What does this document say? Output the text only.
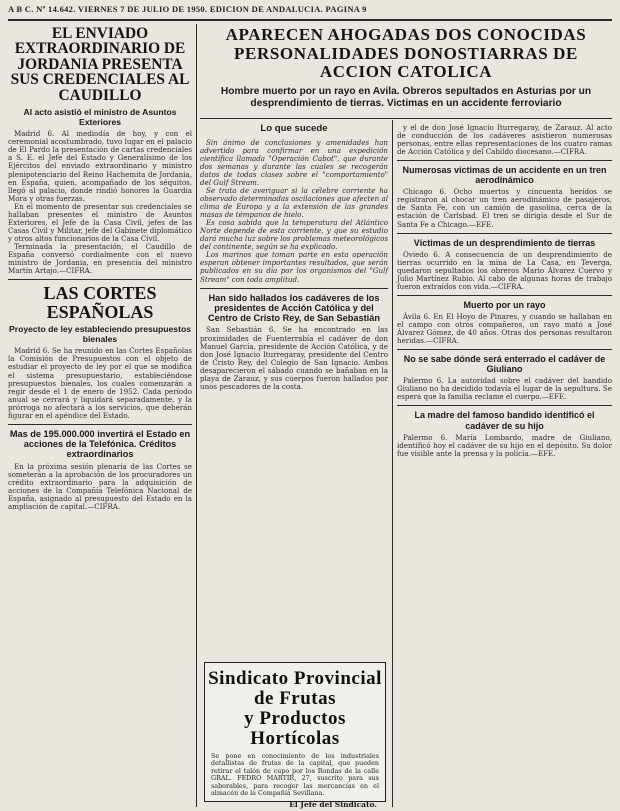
A B C. Nº 14.642. VIERNES 7 DE JULIO DE 1950. EDICION DE ANDALUCIA. PAGINA 9
EL ENVIADO EXTRAORDINARIO DE JORDANIA PRESENTA SUS CREDENCIALES AL CAUDILLO

Al acto asistió el ministro de Asuntos Exteriores

Madrid 6. Al mediodía de hoy, y con el ceremonial acostumbrado, tuvo lugar en el palacio de El Pardo la presentación de cartas credenciales a S. E. el Jefe del Estado y Generalísimo de los Ejércitos del enviado extraordinario y ministro plenipotenciario del Reino Hachemita de Jordania, en España, quien, acompañado de los séquitos, llegó al palacio, donde rindió honores la Guardia Mora y otras fuerzas.

En el momento de presentar sus credenciales se hallaban presentes el ministro de Asuntos Exteriores, el Jefe de la Casa Civil, jefes de las Casas Civil y Militar, jefe del Gabinete diplomático y otros altos funcionarios de la Casa Civil.

Terminada la presentación, el Caudillo de España conversó cordialmente con el nuevo ministro de Jordania, en presencia del ministro Martín Artajo.—CIFRA.

LAS CORTES ESPAÑOLAS

Proyecto de ley estableciendo presupuestos bienales

Madrid 6. Se ha reunido en las Cortes Españolas la Comisión de Presupuestos con el objeto de estudiar el proyecto de ley por el que se modifica el sistema presupuestario, estableciéndose presupuestos bienales, los cuales comenzarán a regir desde el 1 de enero de 1952. Cada período anual se cerrará y liquidará separadamente, y la prórroga no afectará a los servicios, que deberán figurar en el apéndice del Estado.

Mas de 195.000.000 invertirá el Estado en acciones de la Telefónica. Créditos extraordinarios

En la próxima sesión plenaria de las Cortes se someterán a la aprobación de los procuradores un crédito extraordinario para la adquisición de acciones de la Compañía Telefónica Nacional de España, asignado al presupuesto del Estado en la ampliación de capital.—CIFRA.

APARECEN AHOGADAS DOS CONOCIDAS PERSONALIDADES DONOSTIARRAS DE ACCION CATOLICA

Hombre muerto por un rayo en Avila. Obreros sepultados en Asturias por un desprendimiento de tierras. Victimas en un accidente ferroviario

Lo que sucede

Sin ánimo de conclusiones y amenidades han advertido para confirmar en una expedición científica llamada "Operación Cabot", que durante dos semanas y durante las cuales se recogerán datos de todas clases sobre el "comportamiento" del Gulf Stream.

Se trata de averiguar si la célebre corriente ha observado determinadas oscilaciones que afecten al clima de Europa y a la extensión de las grandes masas de témpanos de hielo.

Es cosa sabida que la temperatura del Atlántico Norte depende de esta corriente, y que su estudio dará mucha luz sobre los problemas meteorológicos del continente, según se ha explicado.

Los marinos que toman parte en esta operación esperan obtener importantes resultados, que serán publicados en su día por los organismos del "Gulf Stream" con toda amplitud.

Han sido hallados los cadáveres de los presidentes de Acción Católica y del Centro de Cristo Rey, de San Sebastián

San Sebastián 6. Se ha encontrado en las proximidades de Fuenterrabía el cadáver de don Manuel García, presidente de Acción Católica, y de don José Ignacio Iturregaray, presidente del Centro de Cristo Rey, del Colegio de San Ignacio. Ambos desaparecieron el sábado cuando se bañaban en la playa de Zarauz, y sus cuerpos fueron hallados por unos pescadores de la costa.

Sindicato Provincial de Frutas
y Productos Hortícolas
Se pone en conocimiento de los industriales detallistas de frutas de la capital, que pueden retirar el talón de cupo por los Rondas de la calle GRAL. FEDRO MARTIR, 27, suscrito para sus saborables, para recoger las mercancías en el almacén de la Compañía Sevillana.
El Jefe del Sindicato.

y el de don José Ignacio Iturregaray, de Zarauz. Al acto de conducción de los cadáveres asistieron numerosas personas, entre ellas representaciones de los cuatro ramas de Acción Católica y del Cabildo diocesano.—CIFRA.

Numerosas víctimas de un accidente en un tren aerodinámico

Chicago 6. Ocho muertos y cincuenta heridos se registraron al chocar un tren aerodinámico de pasajeros, de Santa Fe, con un camión de gasolina, cerca de la estación de Carlsbad. El tren se dirigía desde el Sur de Santa Fe a Chicago.—EFE.

Víctimas de un desprendimiento de tierras

Oviedo 6. A consecuencia de un desprendimiento de tierras ocurrido en la mina de La Casa, en Teverga, quedaron sepultados los obreros Mario Álvarez Cuervo y Julio Martínez Rubio. Al cabo de algunas horas de trabajo fueron extraídos con vida.—CIFRA.

Muerto por un rayo

Ávila 6. En El Hoyo de Pinares, y cuando se hallaban en el campo con otros compañeros, un rayo mató a José Álvarez Gómez, de 40 años. Otras dos personas resultaron heridas.—CIFRA.

No se sabe dónde será enterrado el cadáver de Giuliano

Palermo 6. La autoridad sobre el cadáver del bandido Giuliano no ha decidido todavía el lugar de la sepultura. Se espera que la familia reclame el cuerpo.—EFE.

La madre del famoso bandido identificó el cadáver de su hijo

Palermo 6. María Lombardo, madre de Giuliano, identificó hoy el cadáver de su hijo en el depósito. Su dolor fue visible ante la prensa y la policía.—EFE.
